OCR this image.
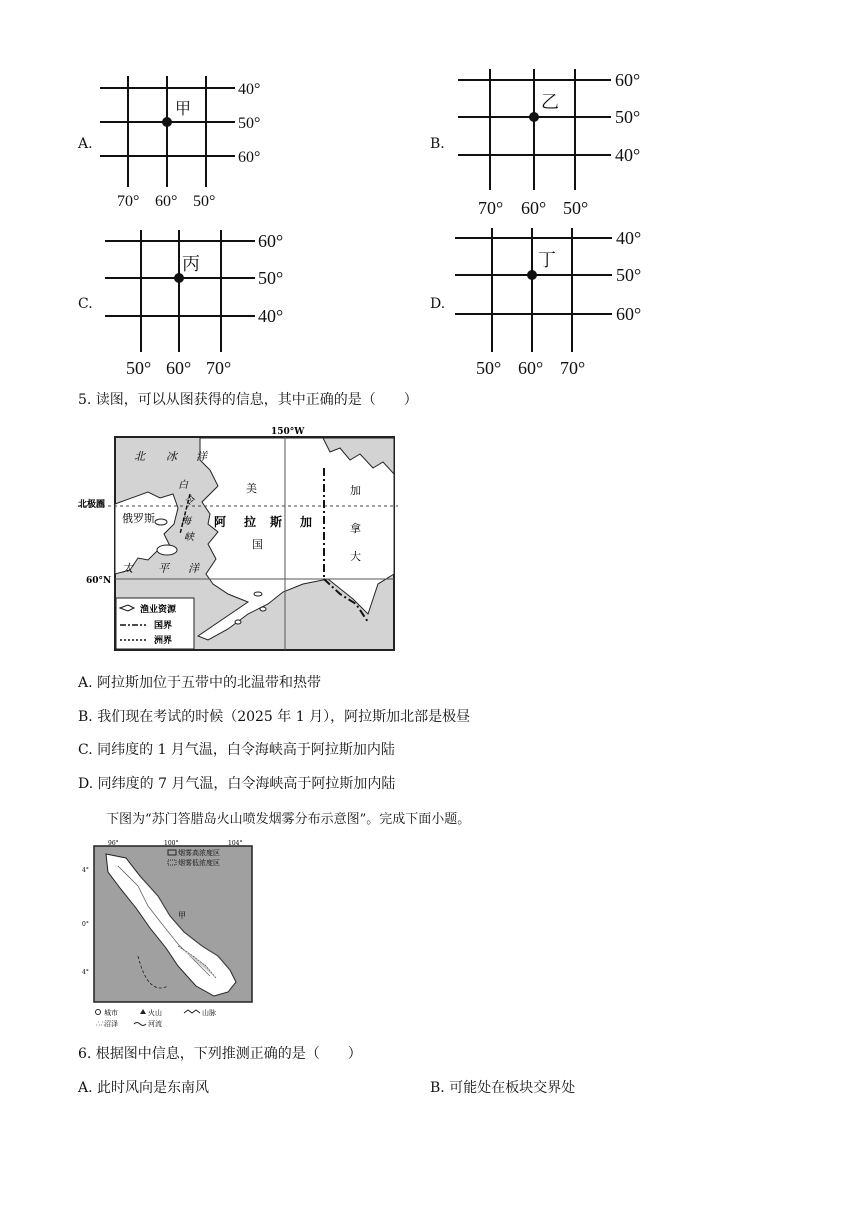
A.
甲
40°
50°
60°
70° 60° 50°
B.
乙
60°
50°
40°
70° 60° 50°
C.
丙
60°
50°
40°
50° 60° 70°
D.
丁
40°
50°
60°
50° 60° 70°
5. 读图，可以从图获得的信息，其中正确的是（　　）
150°W
北极圈
60°N
北 冰 洋
俄罗斯
白
令
海
峡
美
阿 拉 斯 加
国
加
拿
大
太 平 洋
渔业资源
国界
洲界
A. 阿拉斯加位于五带中的北温带和热带
B. 我们现在考试的时候（2025 年 1 月），阿拉斯加北部是极昼
C. 同纬度的 1 月气温，白令海峡高于阿拉斯加内陆
D. 同纬度的 7 月气温，白令海峡高于阿拉斯加内陆
下图为“苏门答腊岛火山喷发烟雾分布示意图”。完成下面小题。
96°	100°	104°
4°
0°
4°
烟雾高浓度区
烟雾低浓度区
甲
城市	火山	山脉
∴∴ 沼泽	河流
6. 根据图中信息，下列推测正确的是（　　）
A. 此时风向是东南风	B. 可能处在板块交界处
